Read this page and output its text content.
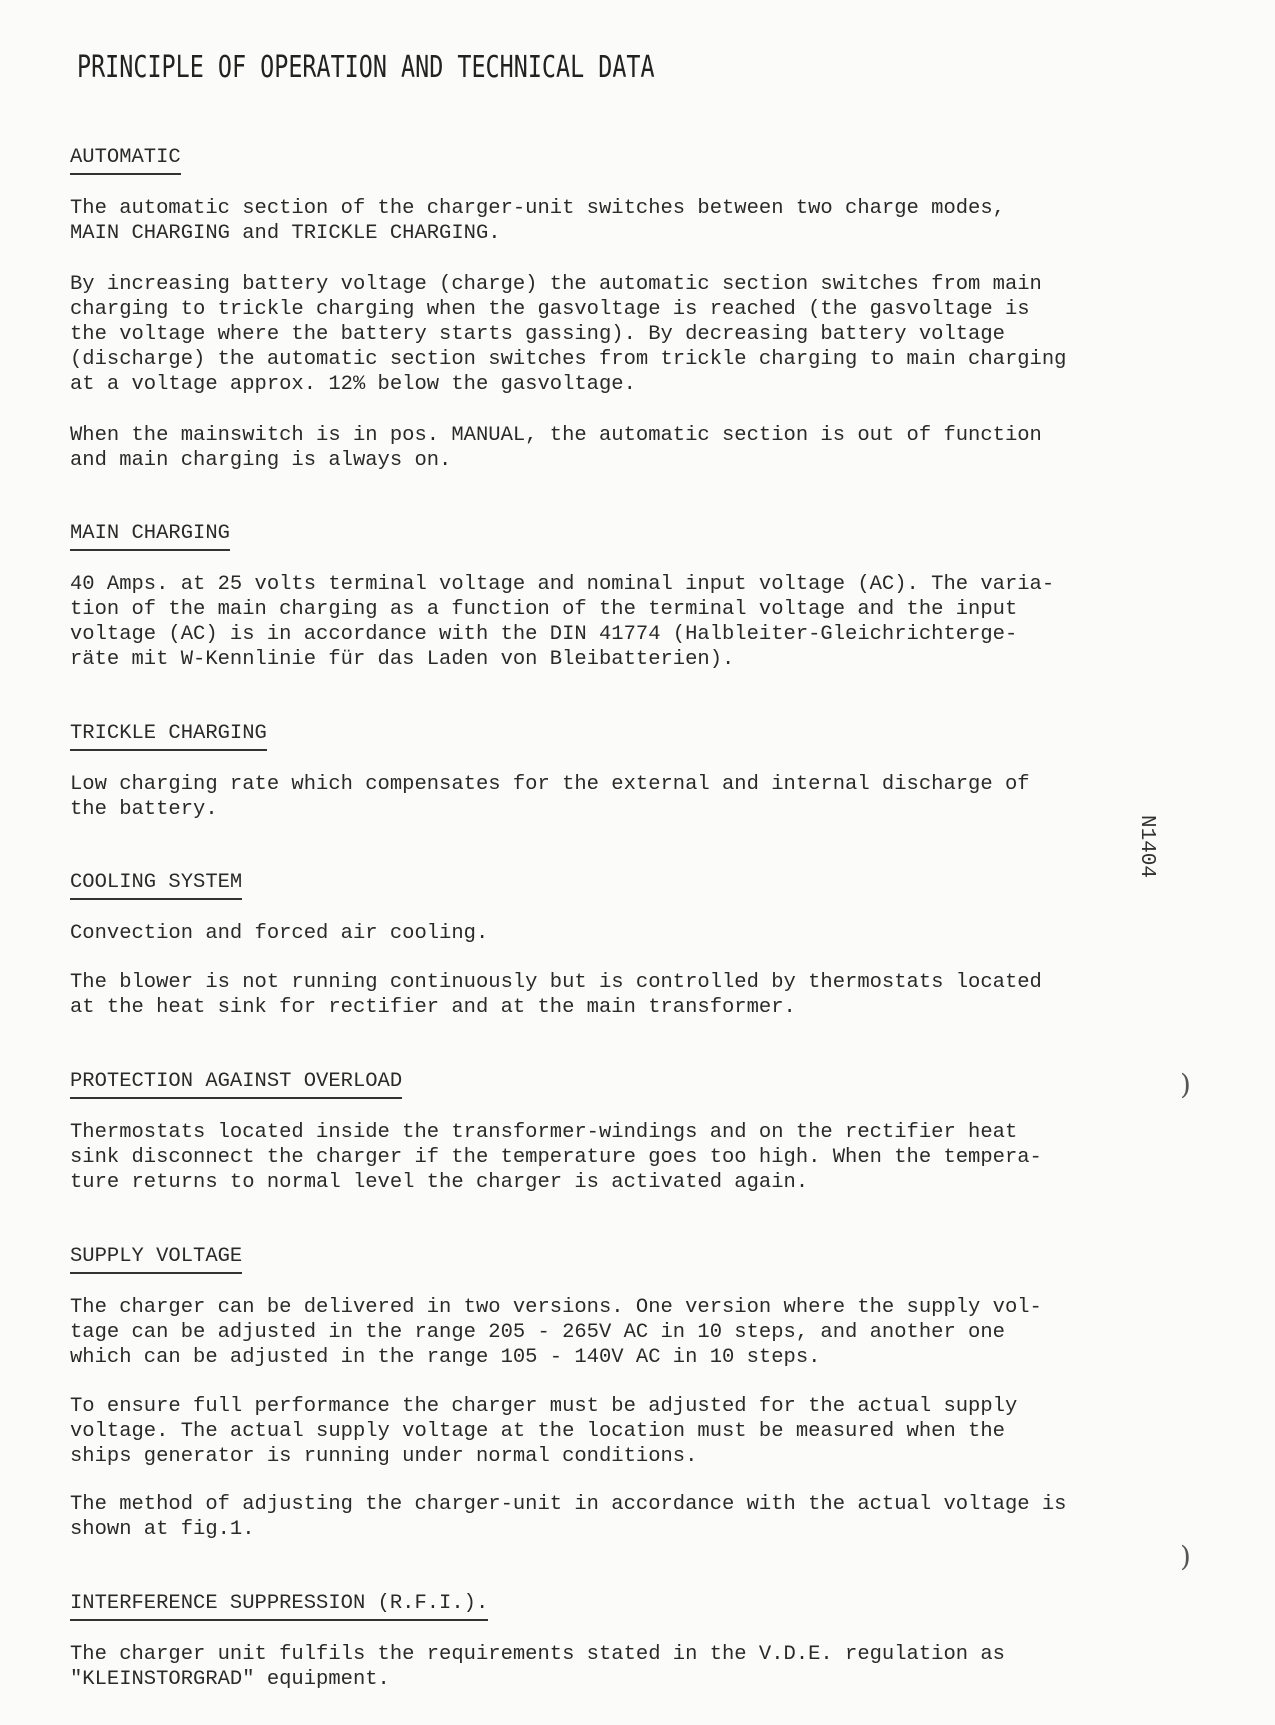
PRINCIPLE OF OPERATION AND TECHNICAL DATA
AUTOMATIC
The automatic section of the charger-unit switches between two charge modes,
MAIN CHARGING and TRICKLE CHARGING.
By increasing battery voltage (charge) the automatic section switches from main
charging to trickle charging when the gasvoltage is reached (the gasvoltage is
the voltage where the battery starts gassing). By decreasing battery voltage
(discharge) the automatic section switches from trickle charging to main charging
at a voltage approx. 12% below the gasvoltage.
When the mainswitch is in pos. MANUAL, the automatic section is out of function
and main charging is always on.
MAIN CHARGING
40 Amps. at 25 volts terminal voltage and nominal input voltage (AC). The varia-
tion of the main charging as a function of the terminal voltage and the input
voltage (AC) is in accordance with the DIN 41774 (Halbleiter-Gleichrichterge-
räte mit W-Kennlinie für das Laden von Bleibatterien).
TRICKLE CHARGING
Low charging rate which compensates for the external and internal discharge of
the battery.
COOLING SYSTEM
Convection and forced air cooling.
The blower is not running continuously but is controlled by thermostats located
at the heat sink for rectifier and at the main transformer.
PROTECTION AGAINST OVERLOAD
Thermostats located inside the transformer-windings and on the rectifier heat
sink disconnect the charger if the temperature goes too high. When the tempera-
ture returns to normal level the charger is activated again.
SUPPLY VOLTAGE
The charger can be delivered in two versions. One version where the supply vol-
tage can be adjusted in the range 205 - 265V AC in 10 steps, and another one
which can be adjusted in the range 105 - 140V AC in 10 steps.
To ensure full performance the charger must be adjusted for the actual supply
voltage. The actual supply voltage at the location must be measured when the
ships generator is running under normal conditions.
The method of adjusting the charger-unit in accordance with the actual voltage is
shown at fig.1.
INTERFERENCE SUPPRESSION (R.F.I.).
The charger unit fulfils the requirements stated in the V.D.E. regulation as
"KLEINSTORGRAD" equipment.
N1404
)
)
